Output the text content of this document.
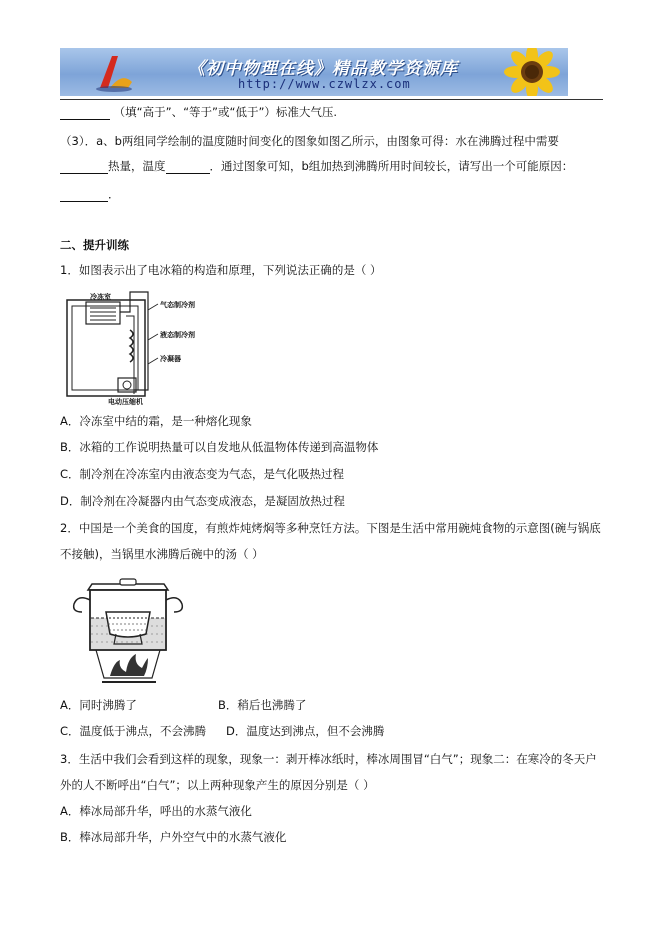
《初中物理在线》精品教学资源库
http://www.czwlzx.com
（填“高于”、“等于”或“低于”）标准大气压.
（3）．a、b两组同学绘制的温度随时间变化的图象如图乙所示，由图象可得：水在沸腾过程中需要
热量，温度	．通过图象可知，b组加热到沸腾所用时间较长，请写出一个可能原因：
．
二、提升训练
1．如图表示出了电冰箱的构造和原理，下列说法正确的是（ ）
冷冻室
气态制冷剂
液态制冷剂
冷凝器
电动压缩机
A．冷冻室中结的霜，是一种熔化现象
B．冰箱的工作说明热量可以自发地从低温物体传递到高温物体
C．制冷剂在冷冻室内由液态变为气态，是气化吸热过程
D．制冷剂在冷凝器内由气态变成液态，是凝固放热过程
2．中国是一个美食的国度，有煎炸炖烤焖等多种烹饪方法。下图是生活中常用碗炖食物的示意图(碗与锅底
不接触)，当锅里水沸腾后碗中的汤（ ）
A．同时沸腾了	B．稍后也沸腾了
C．温度低于沸点，不会沸腾 D．温度达到沸点，但不会沸腾
3．生活中我们会看到这样的现象，现象一：剥开棒冰纸时，棒冰周围冒“白气”；现象二：在寒冷的冬天户
外的人不断呼出“白气”；以上两种现象产生的原因分别是（ ）
A．棒冰局部升华，呼出的水蒸气液化
B．棒冰局部升华，户外空气中的水蒸气液化
